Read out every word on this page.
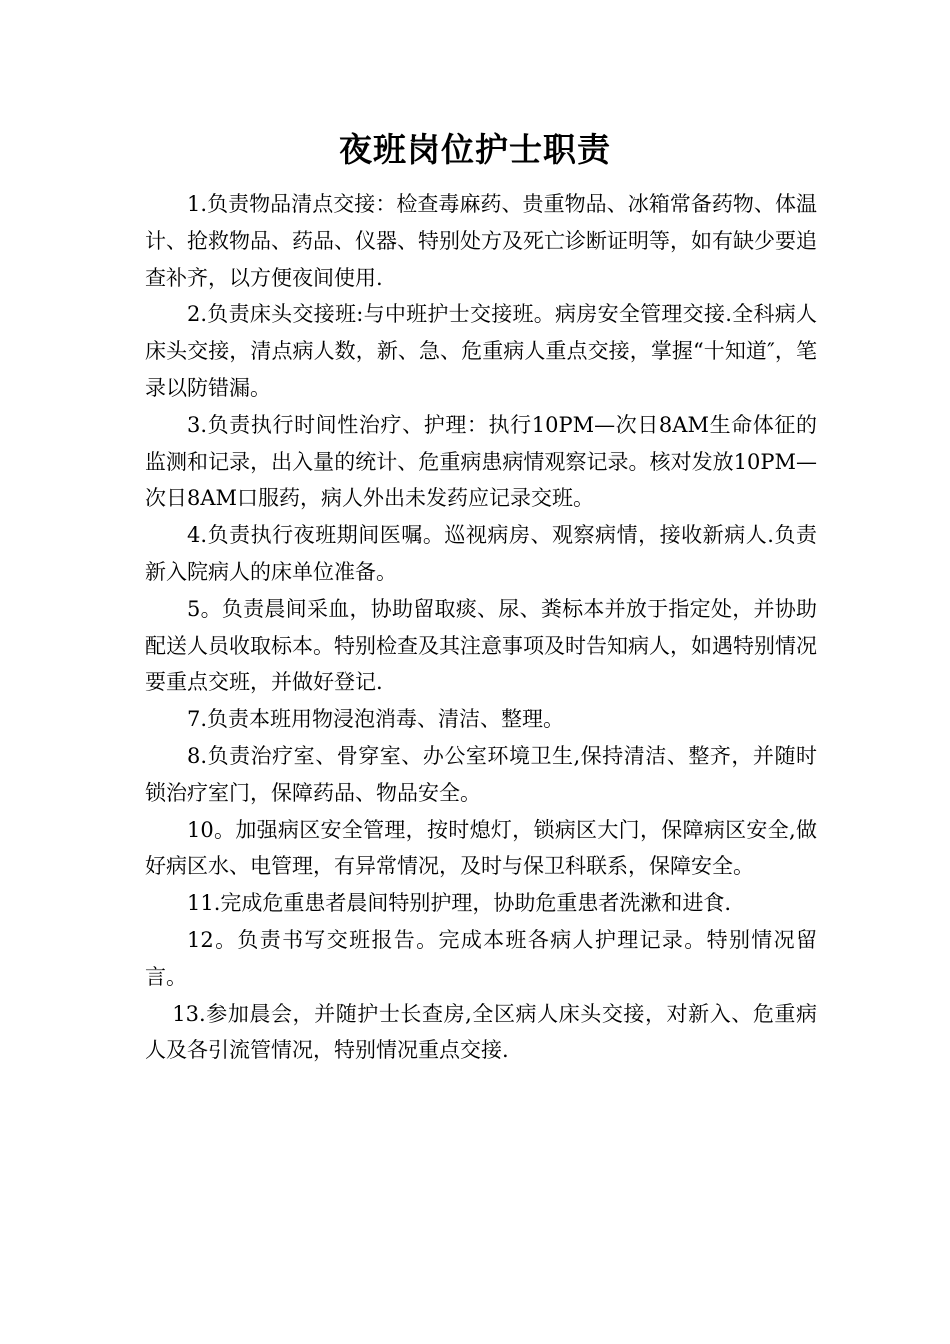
夜班岗位护士职责

1.负责物品清点交接：检查毒麻药、贵重物品、冰箱常备药物、体温计、抢救物品、药品、仪器、特别处方及死亡诊断证明等，如有缺少要追查补齐，以方便夜间使用.

2.负责床头交接班:与中班护士交接班。病房安全管理交接.全科病人床头交接，清点病人数，新、急、危重病人重点交接，掌握“十知道″，笔录以防错漏。

3.负责执行时间性治疗、护理：执行10PM—次日8AM生命体征的监测和记录，出入量的统计、危重病患病情观察记录。核对发放10PM—次日8AM口服药，病人外出未发药应记录交班。

4.负责执行夜班期间医嘱。巡视病房、观察病情，接收新病人.负责新入院病人的床单位准备。

5。负责晨间采血，协助留取痰、尿、粪标本并放于指定处，并协助配送人员收取标本。特别检查及其注意事项及时告知病人，如遇特别情况要重点交班，并做好登记.

7.负责本班用物浸泡消毒、清洁、整理。

8.负责治疗室、骨穿室、办公室环境卫生,保持清洁、整齐，并随时锁治疗室门，保障药品、物品安全。

10。加强病区安全管理，按时熄灯，锁病区大门，保障病区安全,做好病区水、电管理，有异常情况，及时与保卫科联系，保障安全。

11.完成危重患者晨间特别护理，协助危重患者洗漱和进食.

12。负责书写交班报告。完成本班各病人护理记录。特别情况留言。

13.参加晨会，并随护士长查房,全区病人床头交接，对新入、危重病人及各引流管情况，特别情况重点交接.
